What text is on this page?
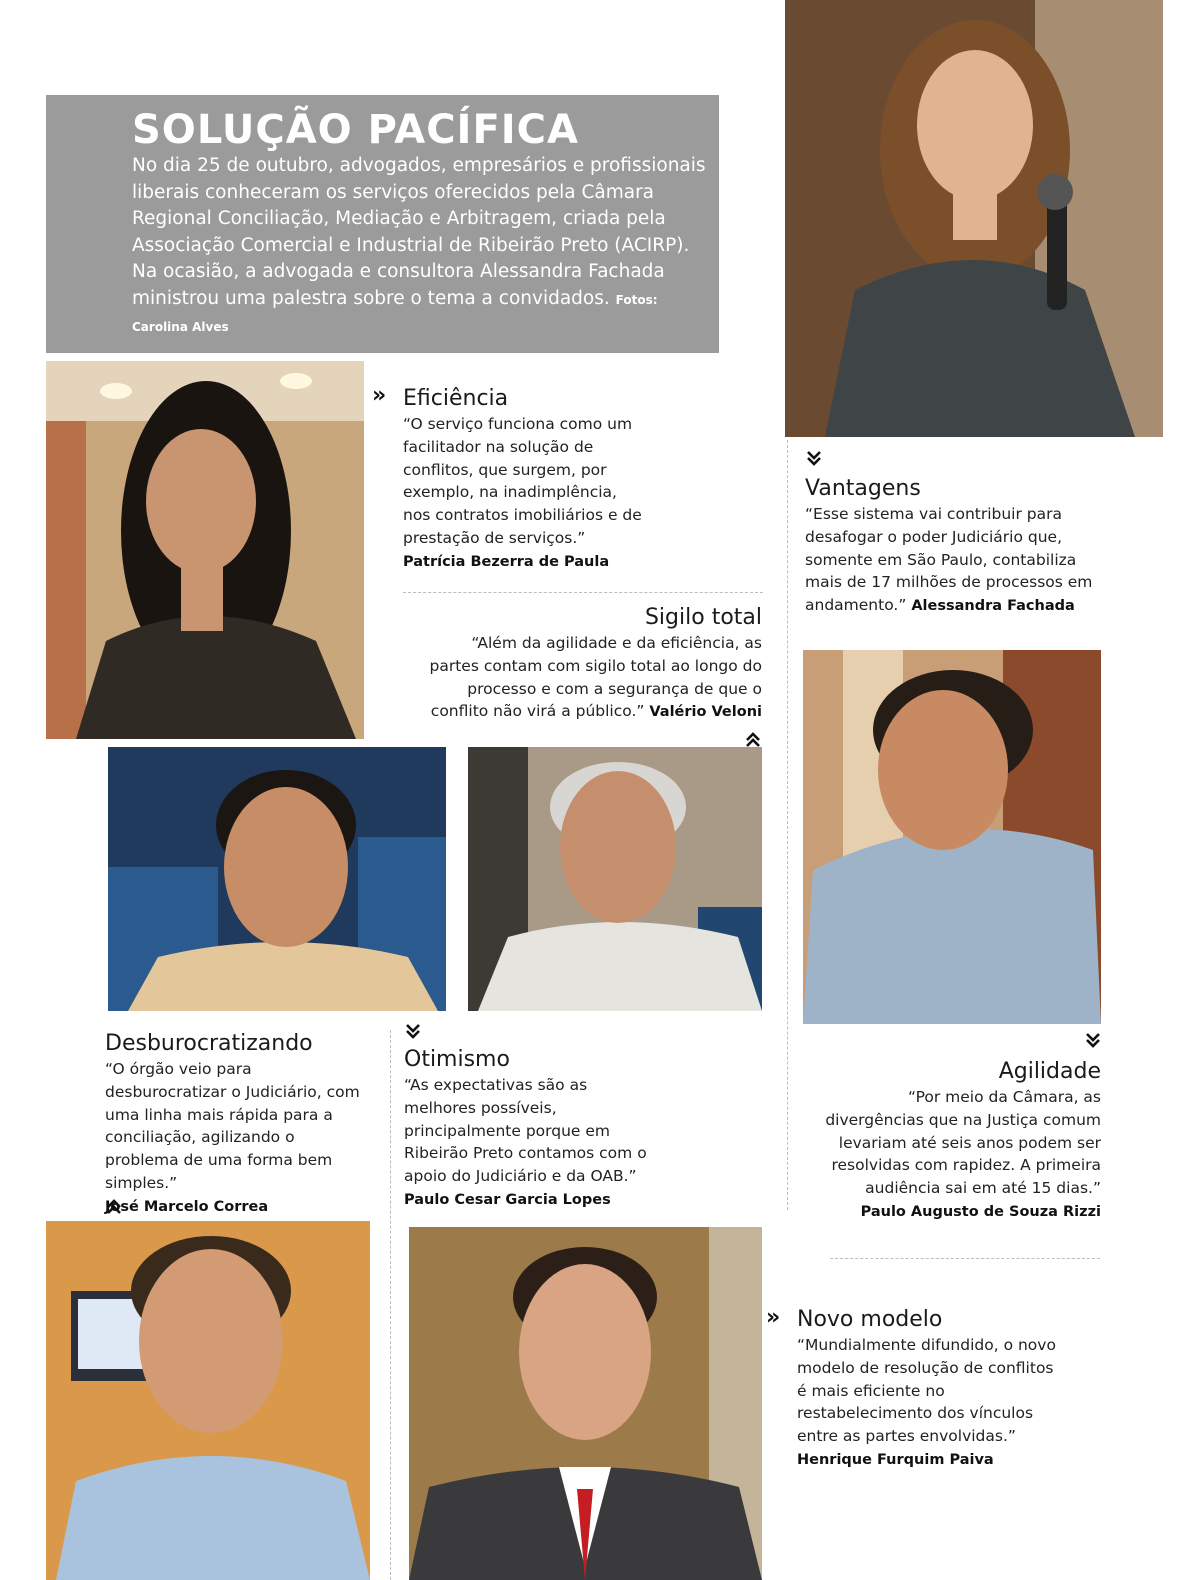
SOLUÇÃO PACÍFICA
No dia 25 de outubro, advogados, empresários e profissionais liberais conheceram os serviços oferecidos pela Câmara Regional Conciliação, Mediação e Arbitragem, criada pela Associação Comercial e Industrial de Ribeirão Preto (ACIRP). Na ocasião, a advogada e consultora Alessandra Fachada ministrou uma palestra sobre o tema a convidados. Fotos: Carolina Alves
» Eficiência
“O serviço funciona como um facilitador na solução de conflitos, que surgem, por exemplo, na inadimplência, nos contratos imobiliários e de prestação de serviços.”
Patrícia Bezerra de Paula
Sigilo total
“Além da agilidade e da eficiência, as partes contam com sigilo total ao longo do processo e com a segurança de que o conflito não virá a público.” Valério Veloni
Vantagens
“Esse sistema vai contribuir para desafogar o poder Judiciário que, somente em São Paulo, contabiliza mais de 17 milhões de processos em andamento.” Alessandra Fachada
Desburocratizando
“O órgão veio para desburocratizar o Judiciário, com uma linha mais rápida para a conciliação, agilizando o problema de uma forma bem simples.”
José Marcelo Correa
Otimismo
“As expectativas são as melhores possíveis, principalmente porque em Ribeirão Preto contamos com o apoio do Judiciário e da OAB.”
Paulo Cesar Garcia Lopes
Agilidade
“Por meio da Câmara, as divergências que na Justiça comum levariam até seis anos podem ser resolvidas com rapidez. A primeira audiência sai em até 15 dias.”
Paulo Augusto de Souza Rizzi
» Novo modelo
“Mundialmente difundido, o novo modelo de resolução de conflitos é mais eficiente no restabelecimento dos vínculos entre as partes envolvidas.”
Henrique Furquim Paiva
